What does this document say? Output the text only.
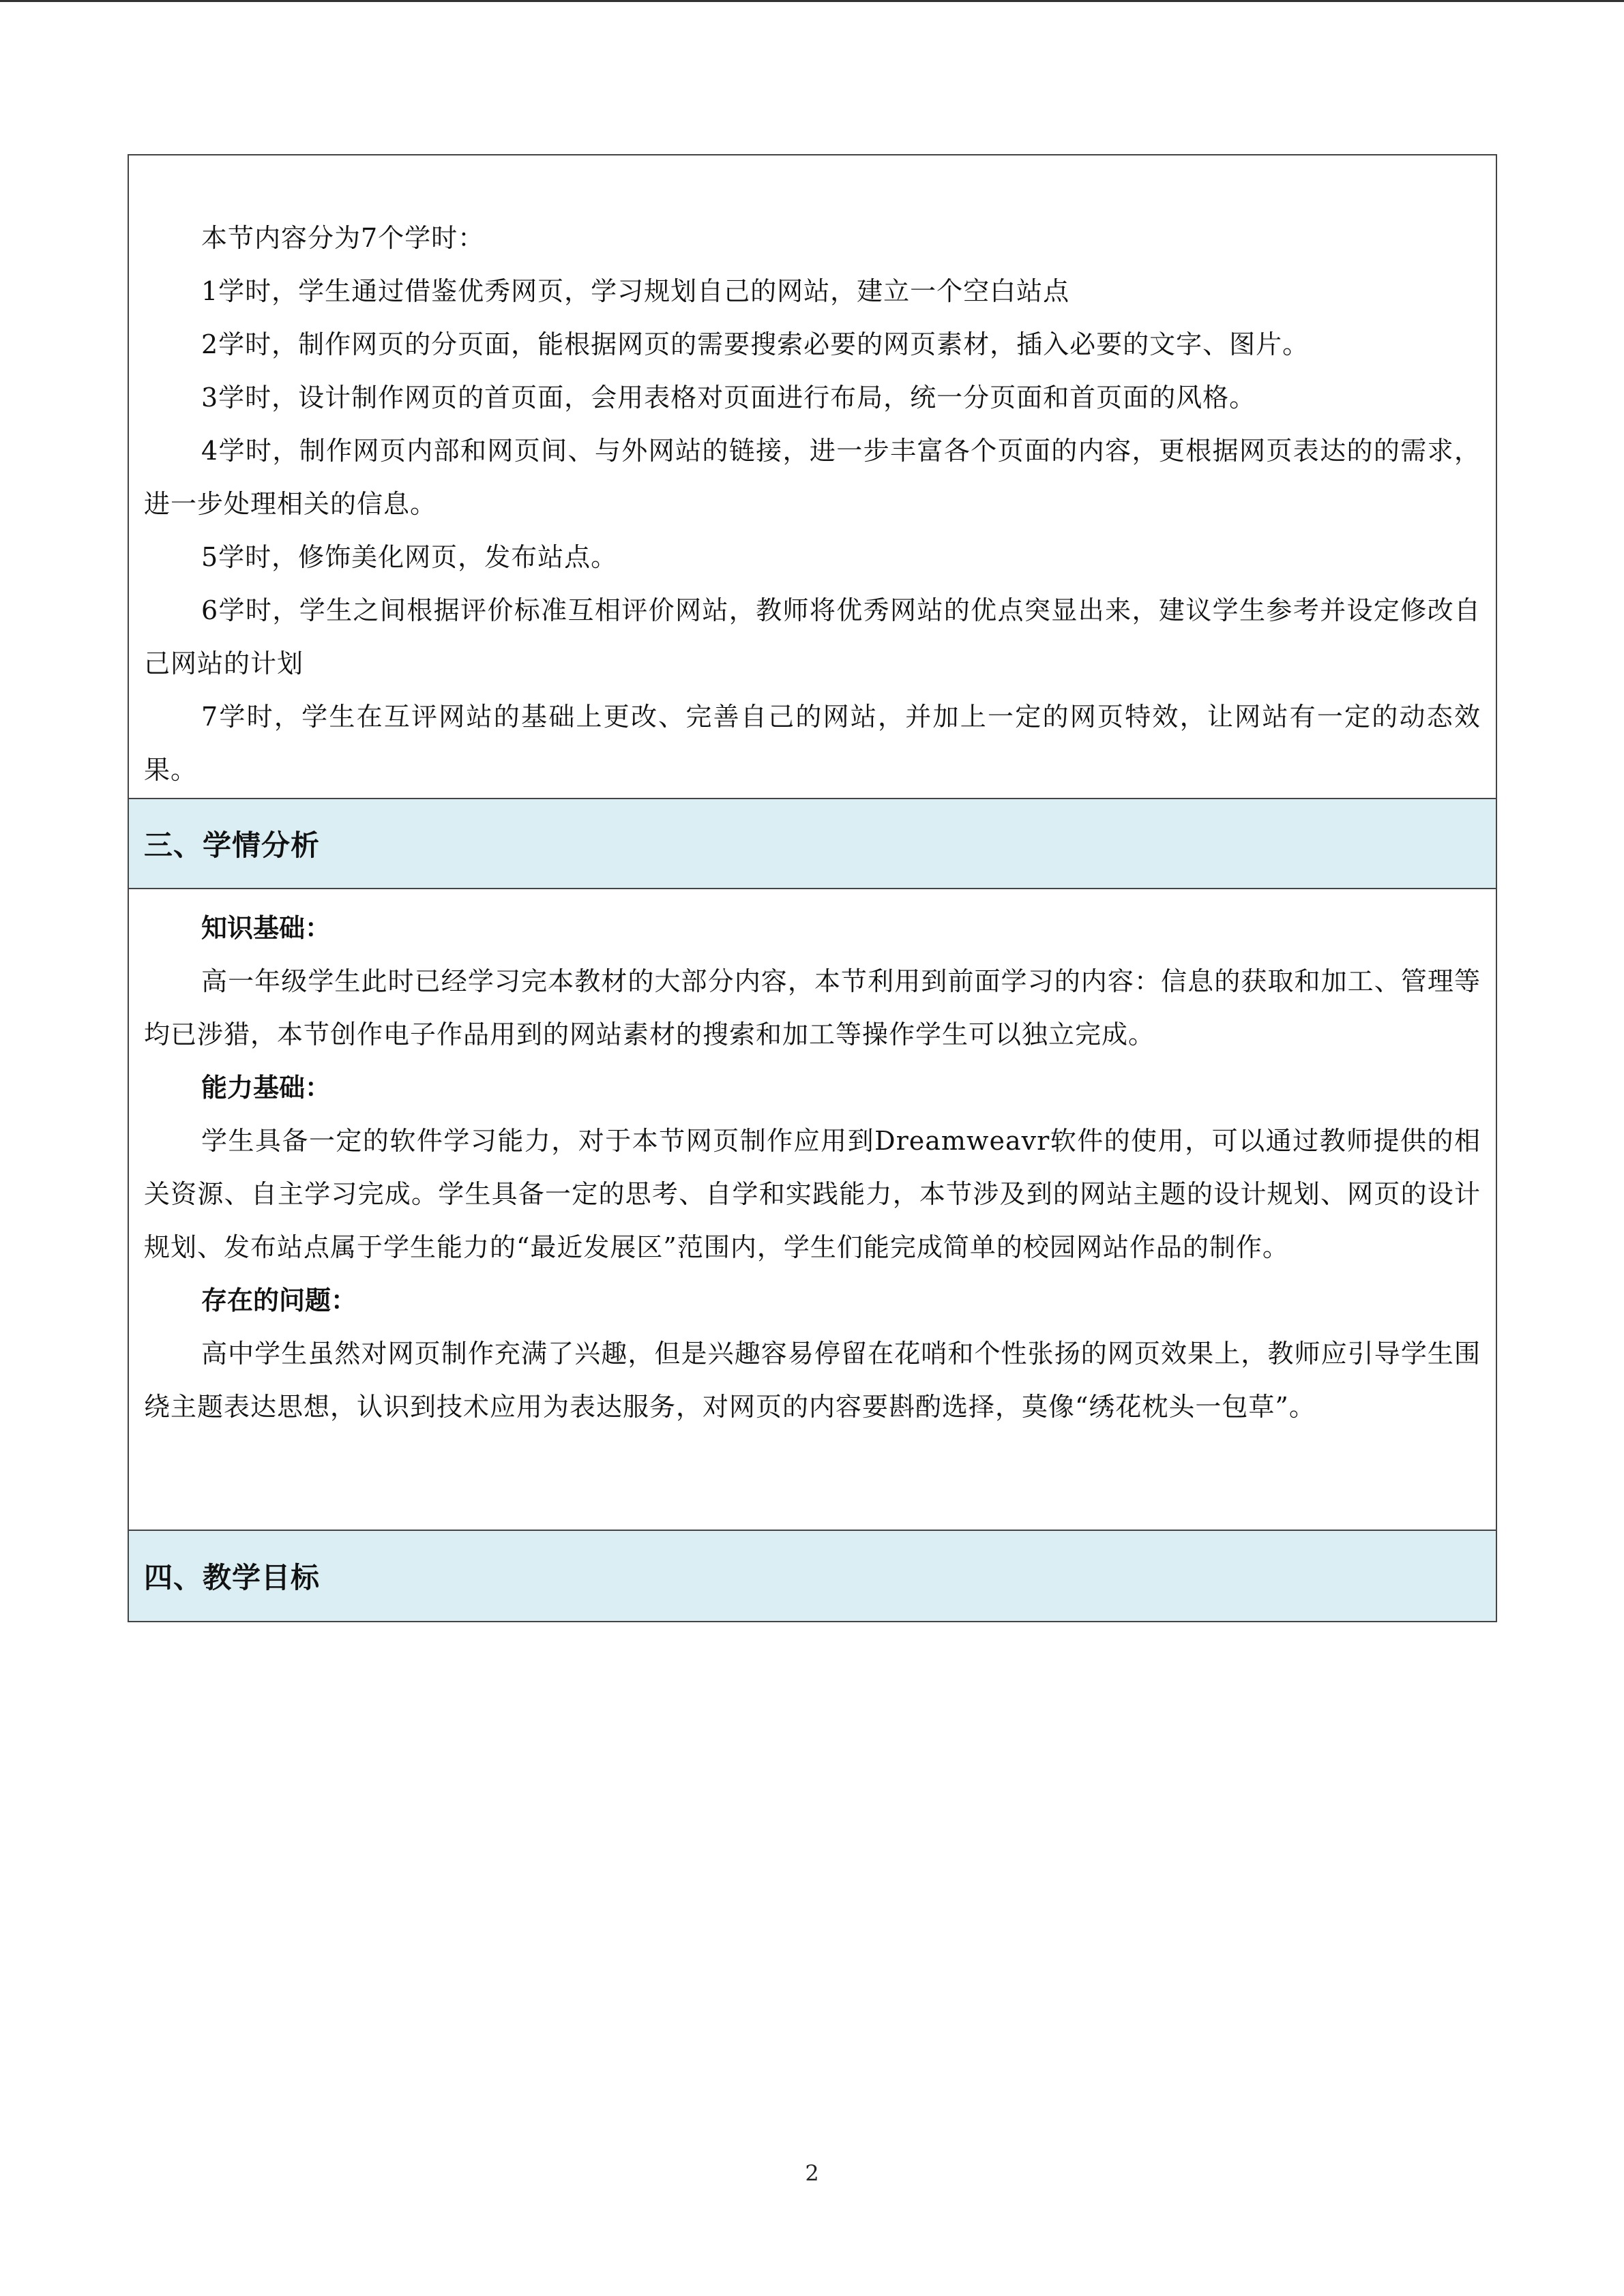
本节内容分为7个学时：

1学时，学生通过借鉴优秀网页，学习规划自己的网站，建立一个空白站点

2学时，制作网页的分页面，能根据网页的需要搜索必要的网页素材，插入必要的文字、图片。

3学时，设计制作网页的首页面，会用表格对页面进行布局，统一分页面和首页面的风格。

4学时，制作网页内部和网页间、与外网站的链接，进一步丰富各个页面的内容，更根据网页表达的的需求，进一步处理相关的信息。

5学时，修饰美化网页，发布站点。

6学时，学生之间根据评价标准互相评价网站，教师将优秀网站的优点突显出来，建议学生参考并设定修改自己网站的计划

7学时，学生在互评网站的基础上更改、完善自己的网站，并加上一定的网页特效，让网站有一定的动态效果。

三、学情分析

知识基础：

高一年级学生此时已经学习完本教材的大部分内容，本节利用到前面学习的内容：信息的获取和加工、管理等均已涉猎，本节创作电子作品用到的网站素材的搜索和加工等操作学生可以独立完成。

能力基础：

学生具备一定的软件学习能力，对于本节网页制作应用到Dreamweavr软件的使用，可以通过教师提供的相关资源、自主学习完成。学生具备一定的思考、自学和实践能力，本节涉及到的网站主题的设计规划、网页的设计规划、发布站点属于学生能力的“最近发展区”范围内，学生们能完成简单的校园网站作品的制作。

存在的问题：

高中学生虽然对网页制作充满了兴趣，但是兴趣容易停留在花哨和个性张扬的网页效果上，教师应引导学生围绕主题表达思想，认识到技术应用为表达服务，对网页的内容要斟酌选择，莫像“绣花枕头一包草”。

四、教学目标
2
